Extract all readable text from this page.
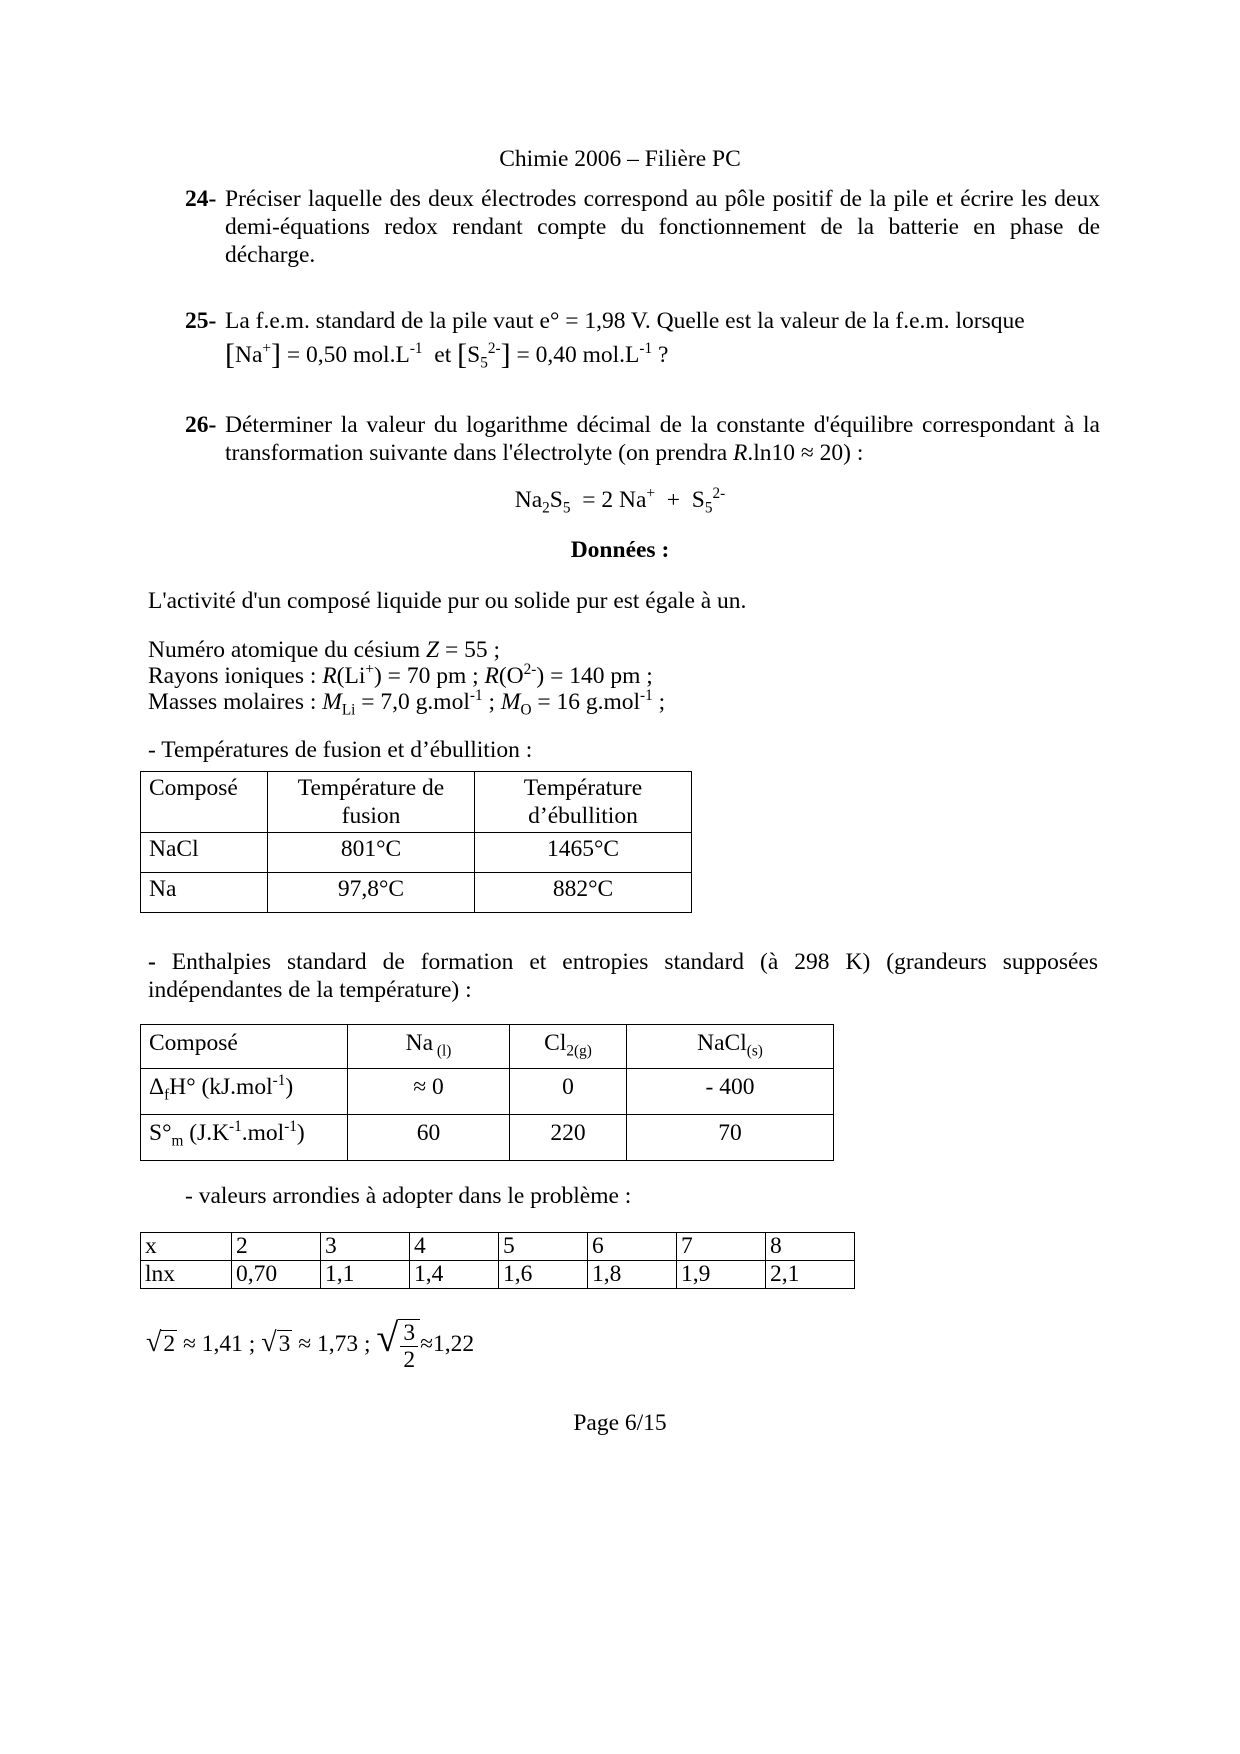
Chimie 2006 – Filière PC
24- Préciser laquelle des deux électrodes correspond au pôle positif de la pile et écrire les deux demi-équations redox rendant compte du fonctionnement de la batterie en phase de décharge.
25- La f.e.m. standard de la pile vaut e° = 1,98 V. Quelle est la valeur de la f.e.m. lorsque
[Na+] = 0,50 $mol.L^{-1}$ et $[S_5^{2-}] = 0,40$ $mol.L^{-1}$ ?
26- Déterminer la valeur du logarithme décimal de la constante d'équilibre correspondant à la transformation suivante dans l'électrolyte (on prendra R.ln10 ≈ 20) :
$Na_2S_5 = 2$ $Na^+ + S_5^{2-}$
Données :
L'activité d'un composé liquide pur ou solide pur est égale à un.
Numéro atomique du césium Z = 55 ;
Rayons ioniques : R(Li+) = 70 pm ; $R(O^{2-}) = 140$ pm ;
Masses molaires : $M_{Li} = 7,0$ g.mol$^{-1}$ ; $M_O = 16$ g.mol$^{-1}$ ;
- Températures de fusion et d’ébullition :
Composé	Température de fusion	Température d’ébullition
NaCl	801°C	1465°C
Na	97,8°C	882°C
- Enthalpies standard de formation et entropies standard (à 298 K) (grandeurs supposées indépendantes de la température) :
Composé	Na $_{(l)}$	$Cl_{2(g)}$	NaCl$_{(s)}$
$\Delta_fH^\circ$ (kJ.mol$^{-1}$)	≈ 0	0	- 400
$S^\circ_m$ $(J.K^{-1}.mol^{-1})$	60	220	70
- valeurs arrondies à adopter dans le problème :
x	2	3	4	5	6	7	8
lnx	0,70	1,1	1,4	1,6	1,8	1,9	2,1
√2 ≈ 1,41 ; √3 ≈ 1,73 ; √ $\frac{3}{2} \approx 1,22$
Page 6/15
